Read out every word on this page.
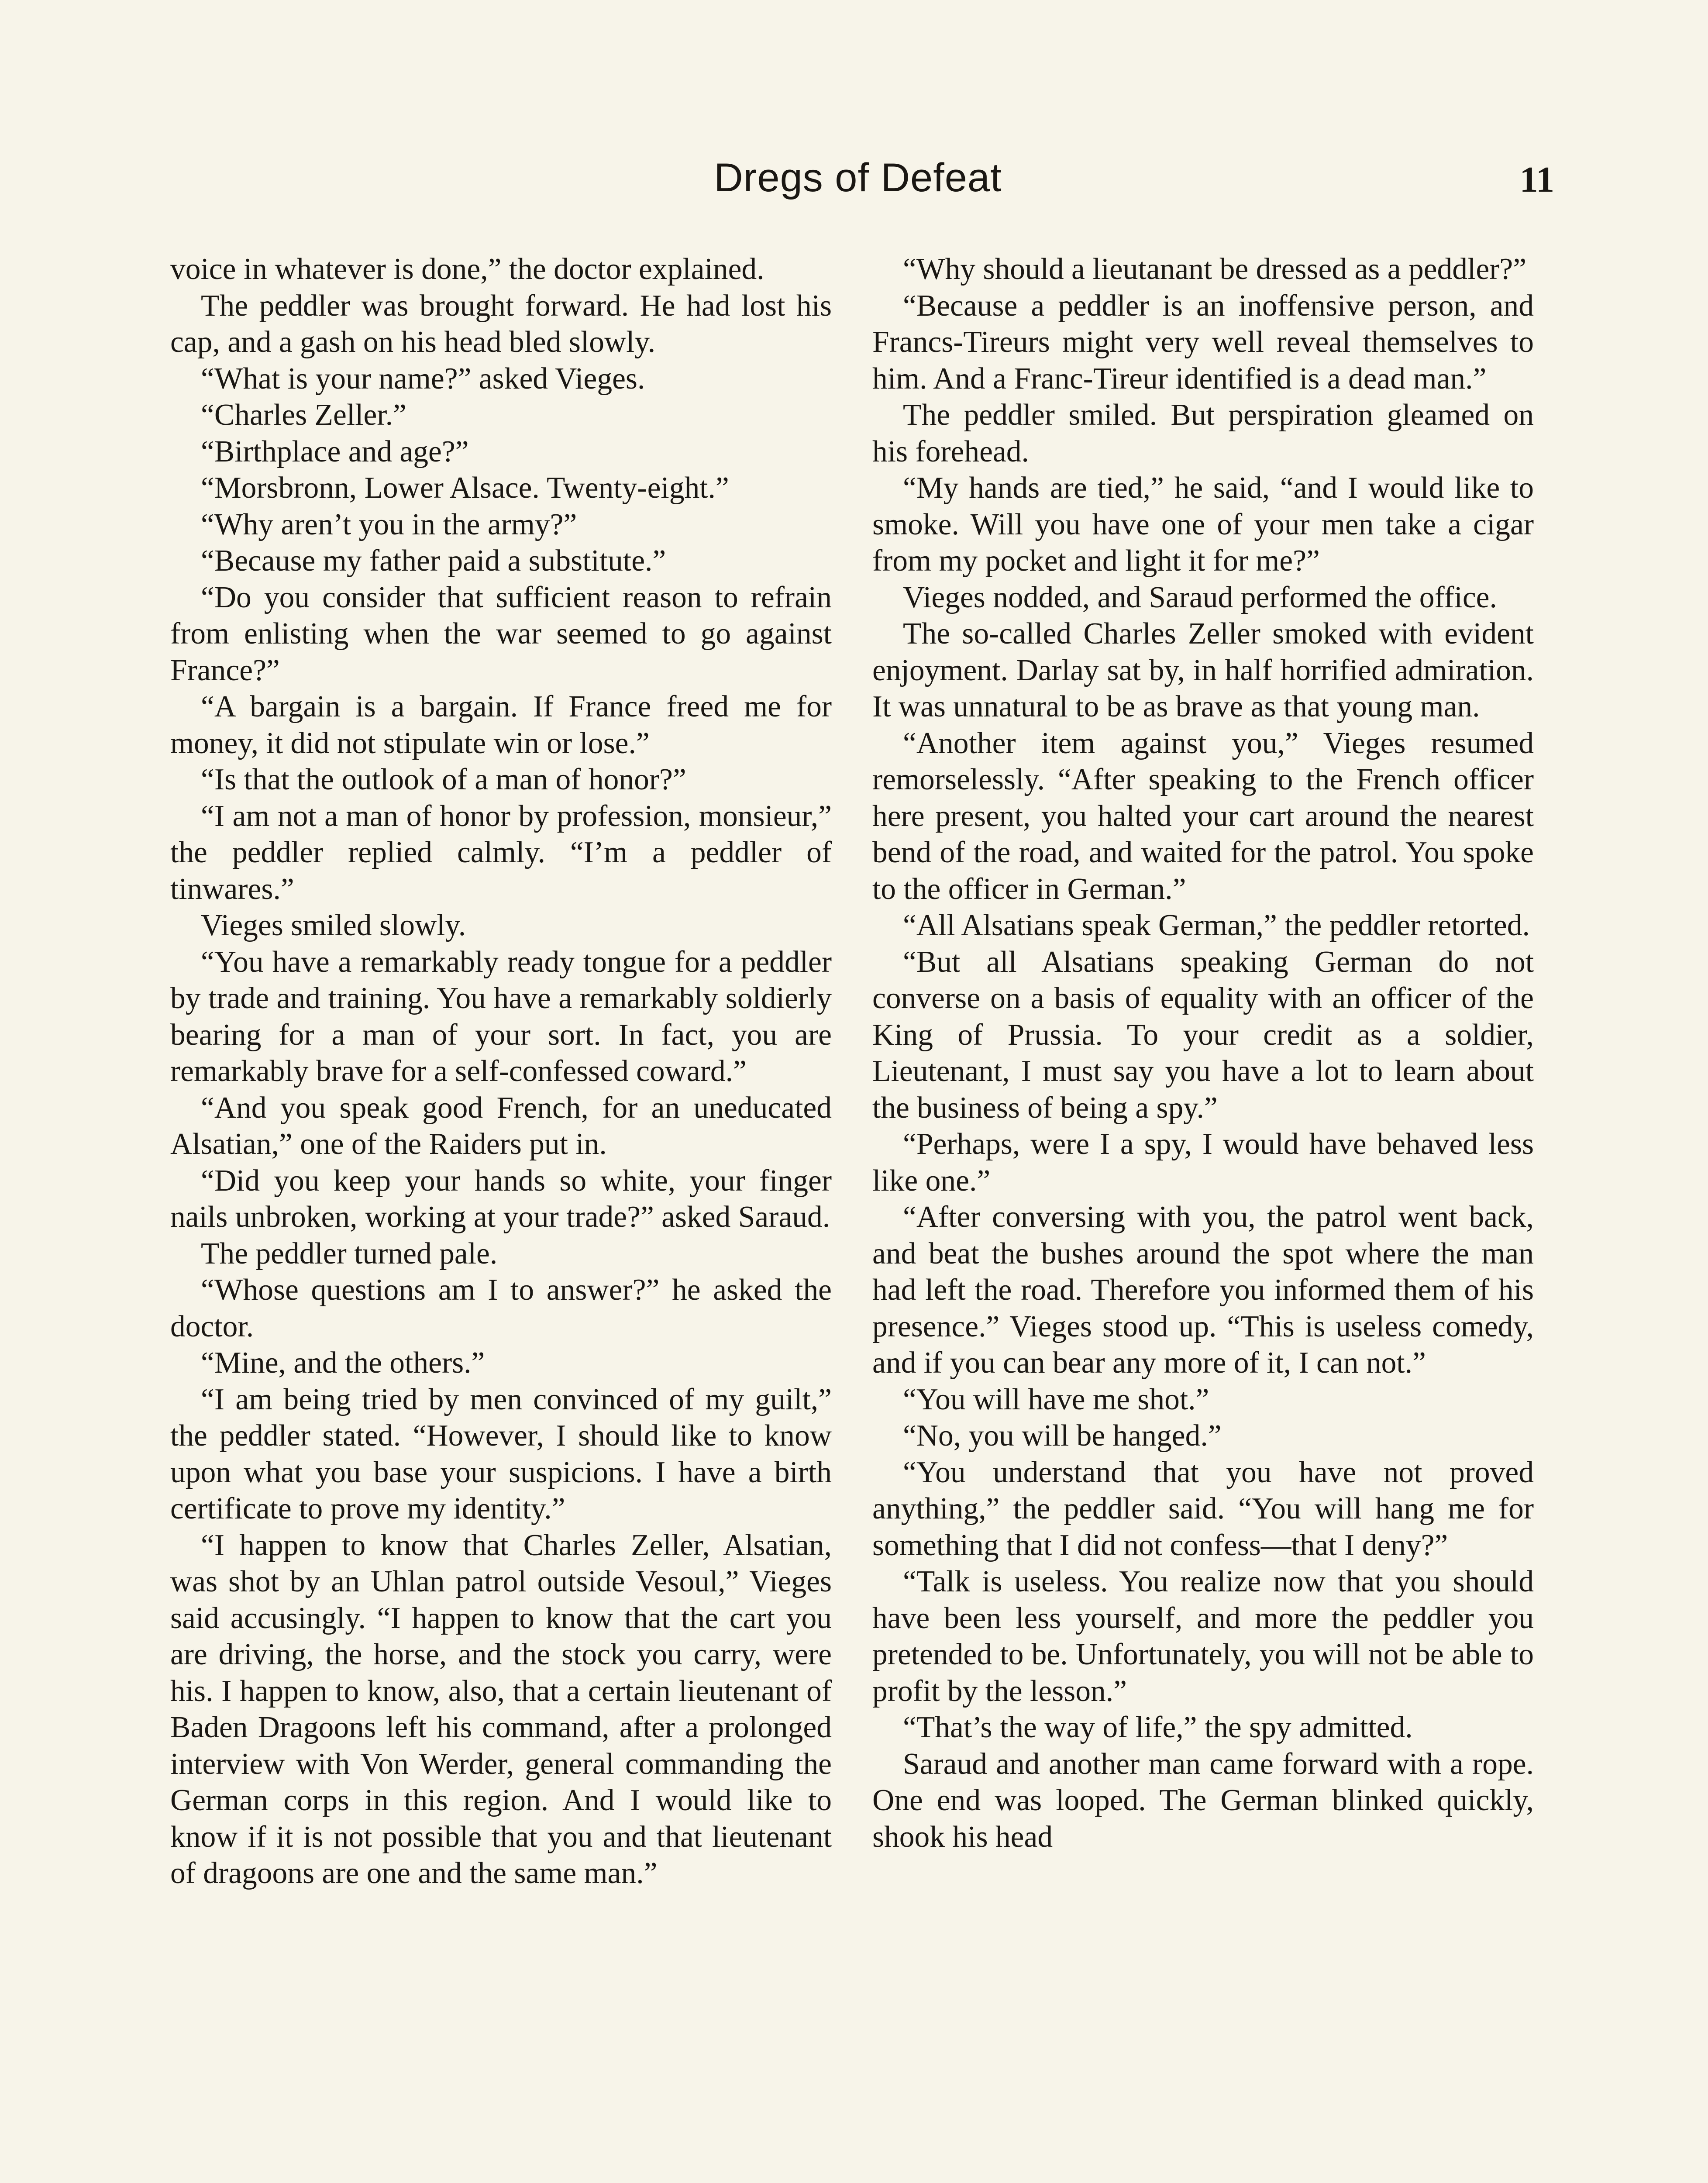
Dregs of Defeat	11

voice in whatever is done,” the doctor explained.

The peddler was brought forward. He had lost his cap, and a gash on his head bled slowly.

“What is your name?” asked Vieges.

“Charles Zeller.”

“Birthplace and age?”

“Morsbronn, Lower Alsace. Twenty-eight.”

“Why aren’t you in the army?”

“Because my father paid a substitute.”

“Do you consider that sufficient reason to refrain from enlisting when the war seemed to go against France?”

“A bargain is a bargain. If France freed me for money, it did not stipulate win or lose.”

“Is that the outlook of a man of honor?”

“I am not a man of honor by profession, monsieur,” the peddler replied calmly. “I’m a peddler of tinwares.”

Vieges smiled slowly.

“You have a remarkably ready tongue for a peddler by trade and training. You have a remarkably soldierly bearing for a man of your sort. In fact, you are remarkably brave for a self-confessed coward.”

“And you speak good French, for an uneducated Alsatian,” one of the Raiders put in.

“Did you keep your hands so white, your finger nails unbroken, working at your trade?” asked Saraud.

The peddler turned pale.

“Whose questions am I to answer?” he asked the doctor.

“Mine, and the others.”

“I am being tried by men convinced of my guilt,” the peddler stated. “However, I should like to know upon what you base your suspicions. I have a birth certificate to prove my identity.”

“I happen to know that Charles Zeller, Alsatian, was shot by an Uhlan patrol outside Vesoul,” Vieges said accusingly. “I happen to know that the cart you are driving, the horse, and the stock you carry, were his. I happen to know, also, that a certain lieutenant of Baden Dragoons left his command, after a prolonged interview with Von Werder, general commanding the German corps in this region. And I would like to know if it is not possible that you and that lieutenant of dragoons are one and the same man.”

“Why should a lieutanant be dressed as a peddler?”

“Because a peddler is an inoffensive person, and Francs-Tireurs might very well reveal themselves to him. And a Franc-Tireur identified is a dead man.”

The peddler smiled. But perspiration gleamed on his forehead.

“My hands are tied,” he said, “and I would like to smoke. Will you have one of your men take a cigar from my pocket and light it for me?”

Vieges nodded, and Saraud performed the office.

The so-called Charles Zeller smoked with evident enjoyment. Darlay sat by, in half horrified admiration. It was unnatural to be as brave as that young man.

“Another item against you,” Vieges resumed remorselessly. “After speaking to the French officer here present, you halted your cart around the nearest bend of the road, and waited for the patrol. You spoke to the officer in German.”

“All Alsatians speak German,” the peddler retorted.

“But all Alsatians speaking German do not converse on a basis of equality with an officer of the King of Prussia. To your credit as a soldier, Lieutenant, I must say you have a lot to learn about the business of being a spy.”

“Perhaps, were I a spy, I would have behaved less like one.”

“After conversing with you, the patrol went back, and beat the bushes around the spot where the man had left the road. Therefore you informed them of his presence.” Vieges stood up. “This is useless comedy, and if you can bear any more of it, I can not.”

“You will have me shot.”

“No, you will be hanged.”

“You understand that you have not proved anything,” the peddler said. “You will hang me for something that I did not confess—that I deny?”

“Talk is useless. You realize now that you should have been less yourself, and more the peddler you pretended to be. Unfortunately, you will not be able to profit by the lesson.”

“That’s the way of life,” the spy admitted.

Saraud and another man came forward with a rope. One end was looped. The German blinked quickly, shook his head
